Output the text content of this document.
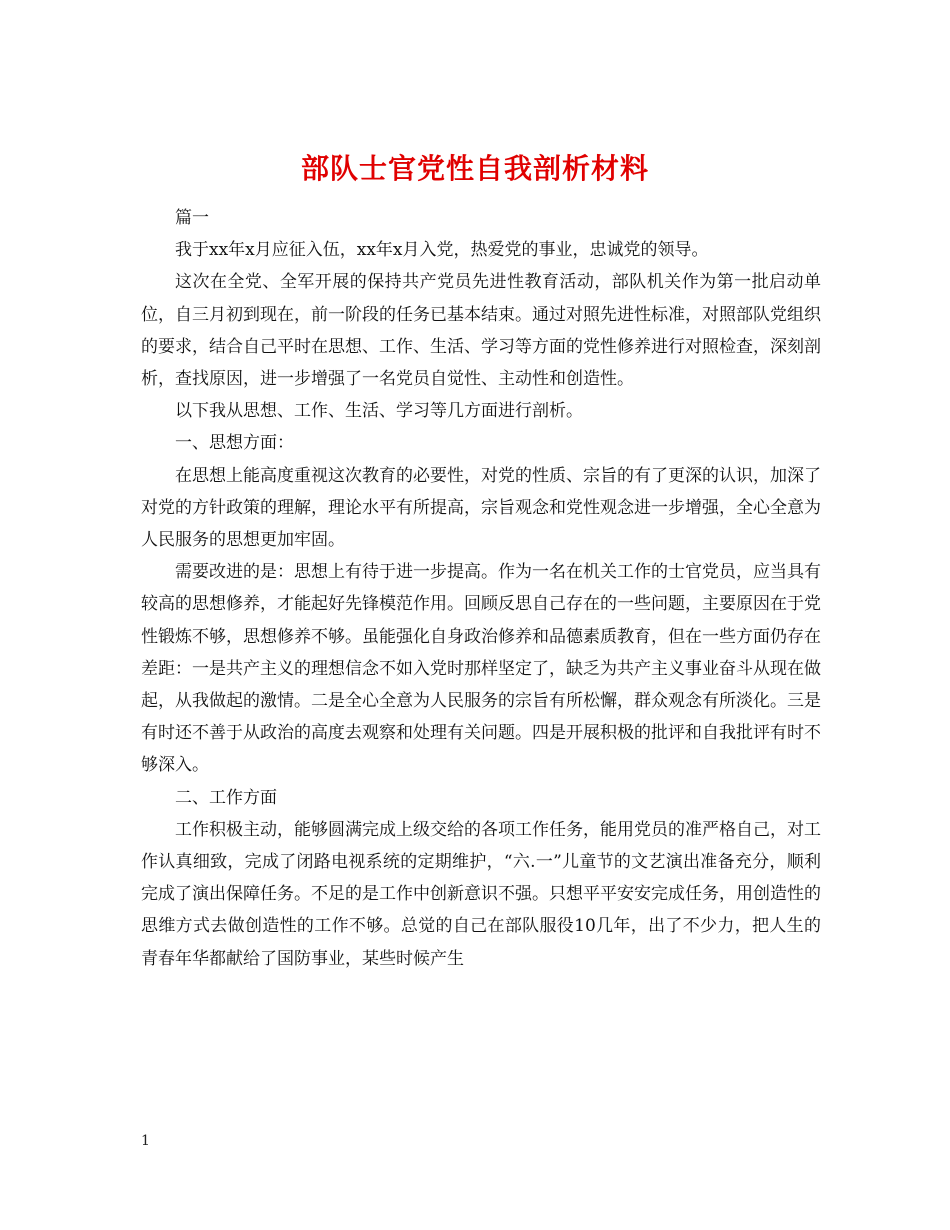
部队士官党性自我剖析材料

篇一

我于xx年x月应征入伍，xx年x月入党，热爱党的事业，忠诚党的领导。

这次在全党、全军开展的保持共产党员先进性教育活动，部队机关作为第一批启动单位，自三月初到现在，前一阶段的任务已基本结束。通过对照先进性标准，对照部队党组织的要求，结合自己平时在思想、工作、生活、学习等方面的党性修养进行对照检查，深刻剖析，查找原因，进一步增强了一名党员自觉性、主动性和创造性。

以下我从思想、工作、生活、学习等几方面进行剖析。

一、思想方面：

在思想上能高度重视这次教育的必要性，对党的性质、宗旨的有了更深的认识，加深了对党的方针政策的理解，理论水平有所提高，宗旨观念和党性观念进一步增强，全心全意为人民服务的思想更加牢固。

需要改进的是：思想上有待于进一步提高。作为一名在机关工作的士官党员，应当具有较高的思想修养，才能起好先锋模范作用。回顾反思自己存在的一些问题，主要原因在于党性锻炼不够，思想修养不够。虽能强化自身政治修养和品德素质教育，但在一些方面仍存在差距：一是共产主义的理想信念不如入党时那样坚定了，缺乏为共产主义事业奋斗从现在做起，从我做起的激情。二是全心全意为人民服务的宗旨有所松懈，群众观念有所淡化。三是有时还不善于从政治的高度去观察和处理有关问题。四是开展积极的批评和自我批评有时不够深入。

二、工作方面

工作积极主动，能够圆满完成上级交给的各项工作任务，能用党员的准严格自己，对工作认真细致，完成了闭路电视系统的定期维护，“六.一”儿童节的文艺演出准备充分，顺利完成了演出保障任务。不足的是工作中创新意识不强。只想平平安安完成任务，用创造性的思维方式去做创造性的工作不够。总觉的自己在部队服役10几年，出了不少力，把人生的青春年华都献给了国防事业，某些时候产生

1
